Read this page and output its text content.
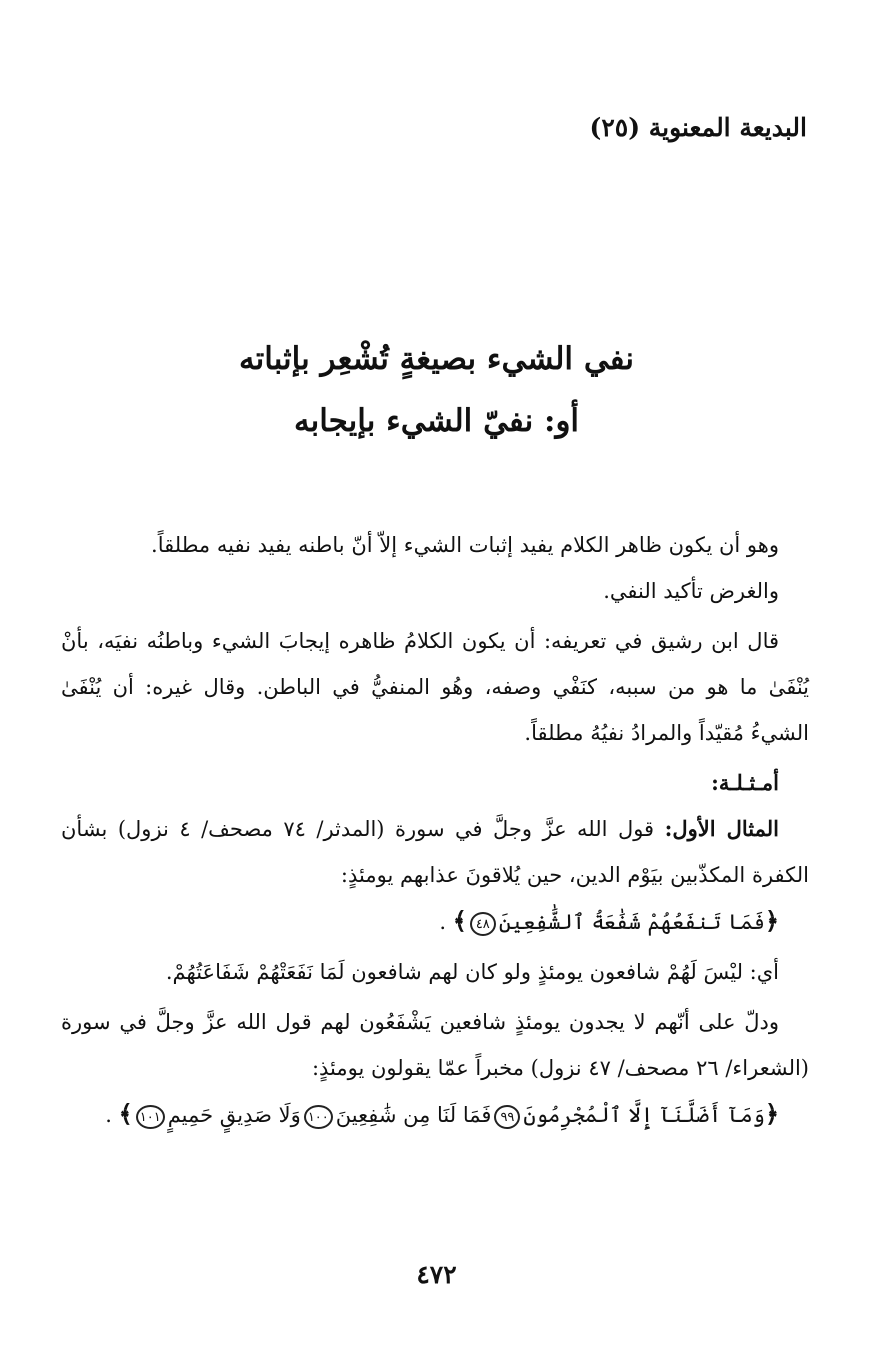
البديعة المعنوية (٢٥)

نفي الشيء بصيغةٍ تُشْعِر بإثباته

أو: نفيّ الشيء بإيجابه

وهو أن يكون ظاهر الكلام يفيد إثبات الشيء إلاّ أنّ باطنه يفيد نفيه مطلقاً.

والغرض تأكيد النفي.

قال ابن رشيق في تعريفه: أن يكون الكلامُ ظاهره إيجابَ الشيء وباطنُه نفيَه، بأنْ يُنْفَىٰ ما هو من سببه، كنَفْي وصفه، وهُو المنفيُّ في الباطن. وقال غيره: أن يُنْفَىٰ الشيءُ مُقيّداً والمرادُ نفيُهُ مطلقاً.

أمـثـلـة:

المثال الأول: قول الله عزَّ وجلَّ في سورة (المدثر/ ٧٤ مصحف/ ٤ نزول) بشأن الكفرة المكذّبين بيَوْم الدين، حين يُلاقونَ عذابهم يومئذٍ:

﴿فَمَا تَنفَعُهُمْ شَفَٰعَةُ ٱلشَّٰفِعِينَ٤٨﴾ .

أي: ليْسَ لَهُمْ شافعون يومئذٍ ولو كان لهم شافعون لَمَا نَفَعَتْهُمْ شَفَاعَتُهُمْ.

ودلّ على أنّهم لا يجدون يومئذٍ شافعين يَشْفَعُون لهم قول الله عزَّ وجلَّ في سورة (الشعراء/ ٢٦ مصحف/ ٤٧ نزول) مخبراً عمّا يقولون يومئذٍ:

﴿وَمَآ أَضَلَّنَآ إِلَّا ٱلْمُجْرِمُونَ٩٩فَمَا لَنَا مِن شَٰفِعِينَ١٠٠وَلَا صَدِيقٍ حَمِيمٍ١٠١﴾ .

٤٧٢
